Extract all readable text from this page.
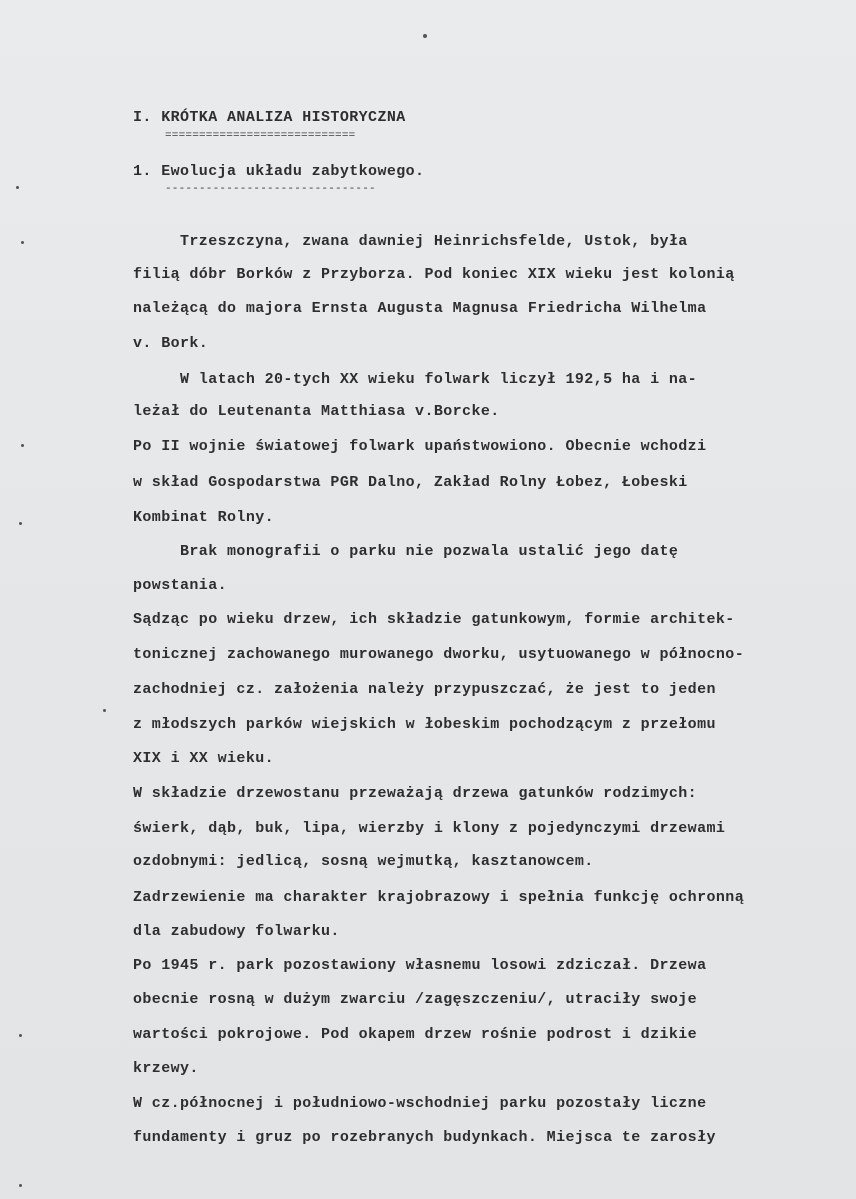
I. KRÓTKA ANALIZA HISTORYCZNA
============================
1. Ewolucja układu zabytkowego.
-------------------------------
Trzeszczyna, zwana dawniej Heinrichsfelde, Ustok, była
filią dóbr Borków z Przyborza. Pod koniec XIX wieku jest kolonią
należącą do majora Ernsta Augusta Magnusa Friedricha Wilhelma
v. Bork.
W latach 20-tych XX wieku folwark liczył 192,5 ha i na-
leżał do Leutenanta Matthiasa v.Borcke.
Po II wojnie światowej folwark upaństwowiono. Obecnie wchodzi
w skład Gospodarstwa PGR Dalno, Zakład Rolny Łobez, Łobeski
Kombinat Rolny.
Brak monografii o parku nie pozwala ustalić jego datę
powstania.
Sądząc po wieku drzew, ich składzie gatunkowym, formie architek-
tonicznej zachowanego murowanego dworku, usytuowanego w północno-
zachodniej cz. założenia należy przypuszczać, że jest to jeden
z młodszych parków wiejskich w łobeskim pochodzącym z przełomu
XIX i XX wieku.
W składzie drzewostanu przeważają drzewa gatunków rodzimych:
świerk, dąb, buk, lipa, wierzby i klony z pojedynczymi drzewami
ozdobnymi: jedlicą, sosną wejmutką, kasztanowcem.
Zadrzewienie ma charakter krajobrazowy i spełnia funkcję ochronną
dla zabudowy folwarku.
Po 1945 r. park pozostawiony własnemu losowi zdziczał. Drzewa
obecnie rosną w dużym zwarciu /zagęszczeniu/, utraciły swoje
wartości pokrojowe. Pod okapem drzew rośnie podrost i dzikie
krzewy.
W cz.północnej i południowo-wschodniej parku pozostały liczne
fundamenty i gruz po rozebranych budynkach. Miejsca te zarosły
